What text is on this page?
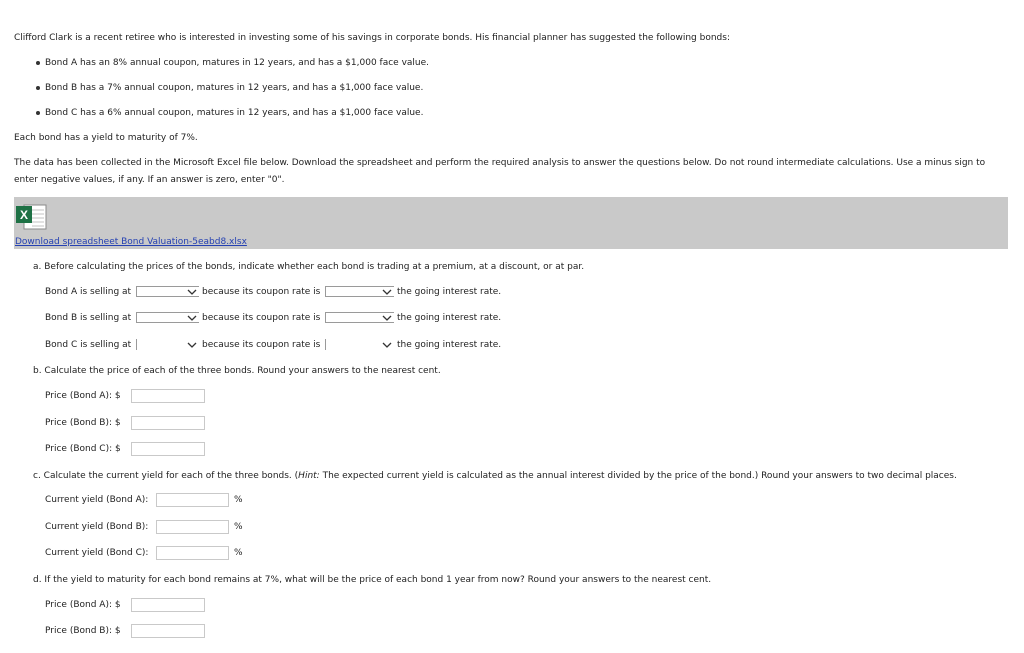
Clifford Clark is a recent retiree who is interested in investing some of his savings in corporate bonds. His financial planner has suggested the following bonds:
Bond A has an 8% annual coupon, matures in 12 years, and has a $1,000 face value.
Bond B has a 7% annual coupon, matures in 12 years, and has a $1,000 face value.
Bond C has a 6% annual coupon, matures in 12 years, and has a $1,000 face value.
Each bond has a yield to maturity of 7%.
The data has been collected in the Microsoft Excel file below. Download the spreadsheet and perform the required analysis to answer the questions below. Do not round intermediate calculations. Use a minus sign to
enter negative values, if any. If an answer is zero, enter "0".
X
Download spreadsheet Bond Valuation-5eabd8.xlsx
a. Before calculating the prices of the bonds, indicate whether each bond is trading at a premium, at a discount, or at par.
Bond A is selling at	because its coupon rate is	the going interest rate.
Bond B is selling at	because its coupon rate is	the going interest rate.
Bond C is selling at	because its coupon rate is	the going interest rate.
b. Calculate the price of each of the three bonds. Round your answers to the nearest cent.
Price (Bond A): $
Price (Bond B): $
Price (Bond C): $
c. Calculate the current yield for each of the three bonds. (Hint: The expected current yield is calculated as the annual interest divided by the price of the bond.) Round your answers to two decimal places.
Current yield (Bond A):	%
Current yield (Bond B):	%
Current yield (Bond C):	%
d. If the yield to maturity for each bond remains at 7%, what will be the price of each bond 1 year from now? Round your answers to the nearest cent.
Price (Bond A): $
Price (Bond B): $
